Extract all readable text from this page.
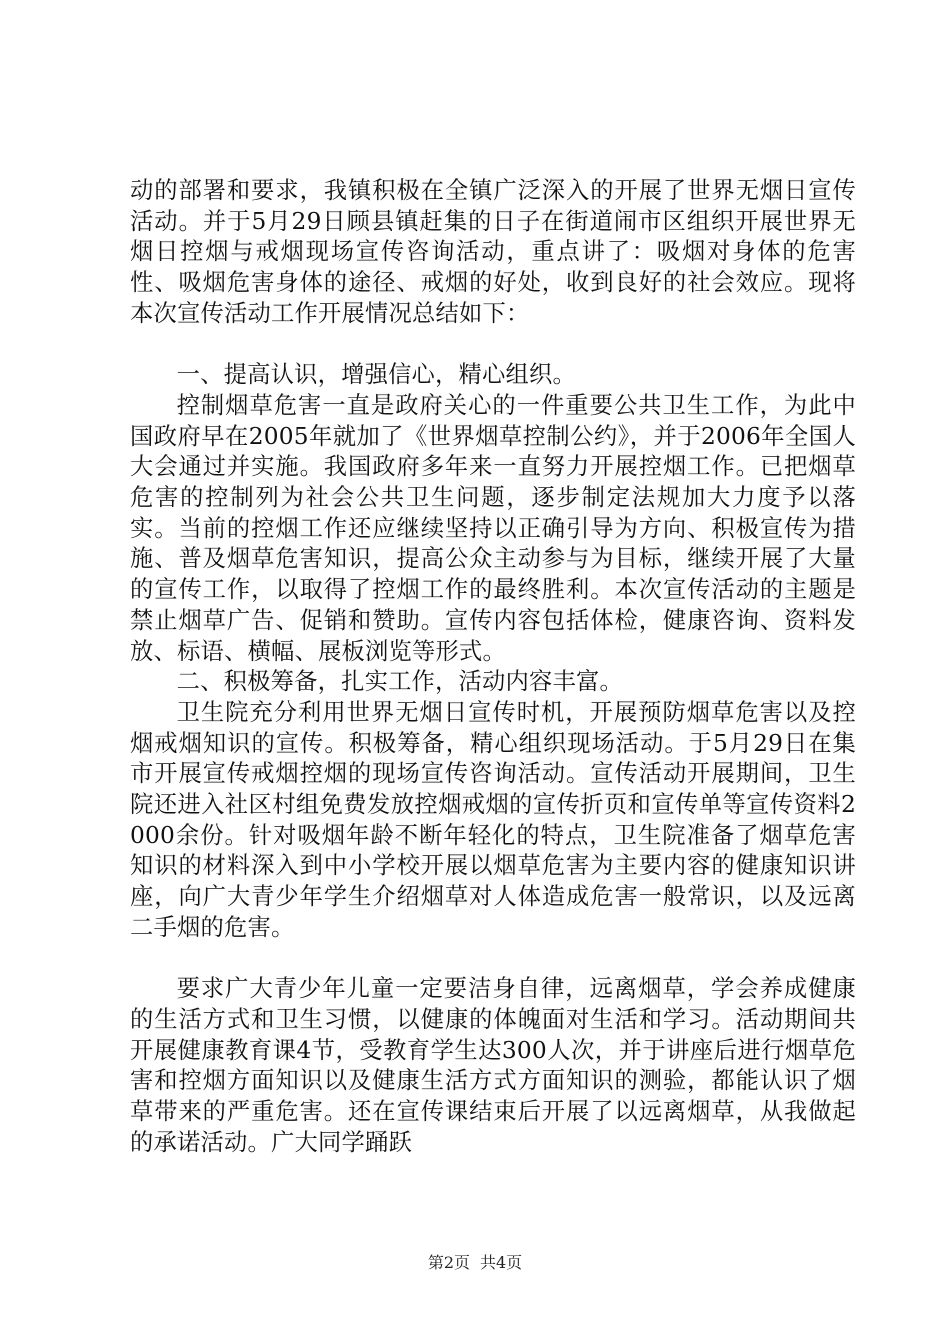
动的部署和要求，我镇积极在全镇广泛深入的开展了世界无烟日宣传活动。并于5月29日顾县镇赶集的日子在街道闹市区组织开展世界无烟日控烟与戒烟现场宣传咨询活动，重点讲了：吸烟对身体的危害性、吸烟危害身体的途径、戒烟的好处，收到良好的社会效应。现将本次宣传活动工作开展情况总结如下：

一、提高认识，增强信心，精心组织。

控制烟草危害一直是政府关心的一件重要公共卫生工作，为此中国政府早在2005年就加了《世界烟草控制公约》，并于2006年全国人大会通过并实施。我国政府多年来一直努力开展控烟工作。已把烟草危害的控制列为社会公共卫生问题，逐步制定法规加大力度予以落实。当前的控烟工作还应继续坚持以正确引导为方向、积极宣传为措施、普及烟草危害知识，提高公众主动参与为目标，继续开展了大量的宣传工作，以取得了控烟工作的最终胜利。本次宣传活动的主题是禁止烟草广告、促销和赞助。宣传内容包括体检，健康咨询、资料发放、标语、横幅、展板浏览等形式。

二、积极筹备，扎实工作，活动内容丰富。

卫生院充分利用世界无烟日宣传时机，开展预防烟草危害以及控烟戒烟知识的宣传。积极筹备，精心组织现场活动。于5月29日在集市开展宣传戒烟控烟的现场宣传咨询活动。宣传活动开展期间，卫生院还进入社区村组免费发放控烟戒烟的宣传折页和宣传单等宣传资料2000余份。针对吸烟年龄不断年轻化的特点，卫生院准备了烟草危害知识的材料深入到中小学校开展以烟草危害为主要内容的健康知识讲座，向广大青少年学生介绍烟草对人体造成危害一般常识，以及远离二手烟的危害。

要求广大青少年儿童一定要洁身自律，远离烟草，学会养成健康的生活方式和卫生习惯，以健康的体魄面对生活和学习。活动期间共开展健康教育课4节，受教育学生达300人次，并于讲座后进行烟草危害和控烟方面知识以及健康生活方式方面知识的测验，都能认识了烟草带来的严重危害。还在宣传课结束后开展了以远离烟草，从我做起的承诺活动。广大同学踊跃

第2页 共4页
